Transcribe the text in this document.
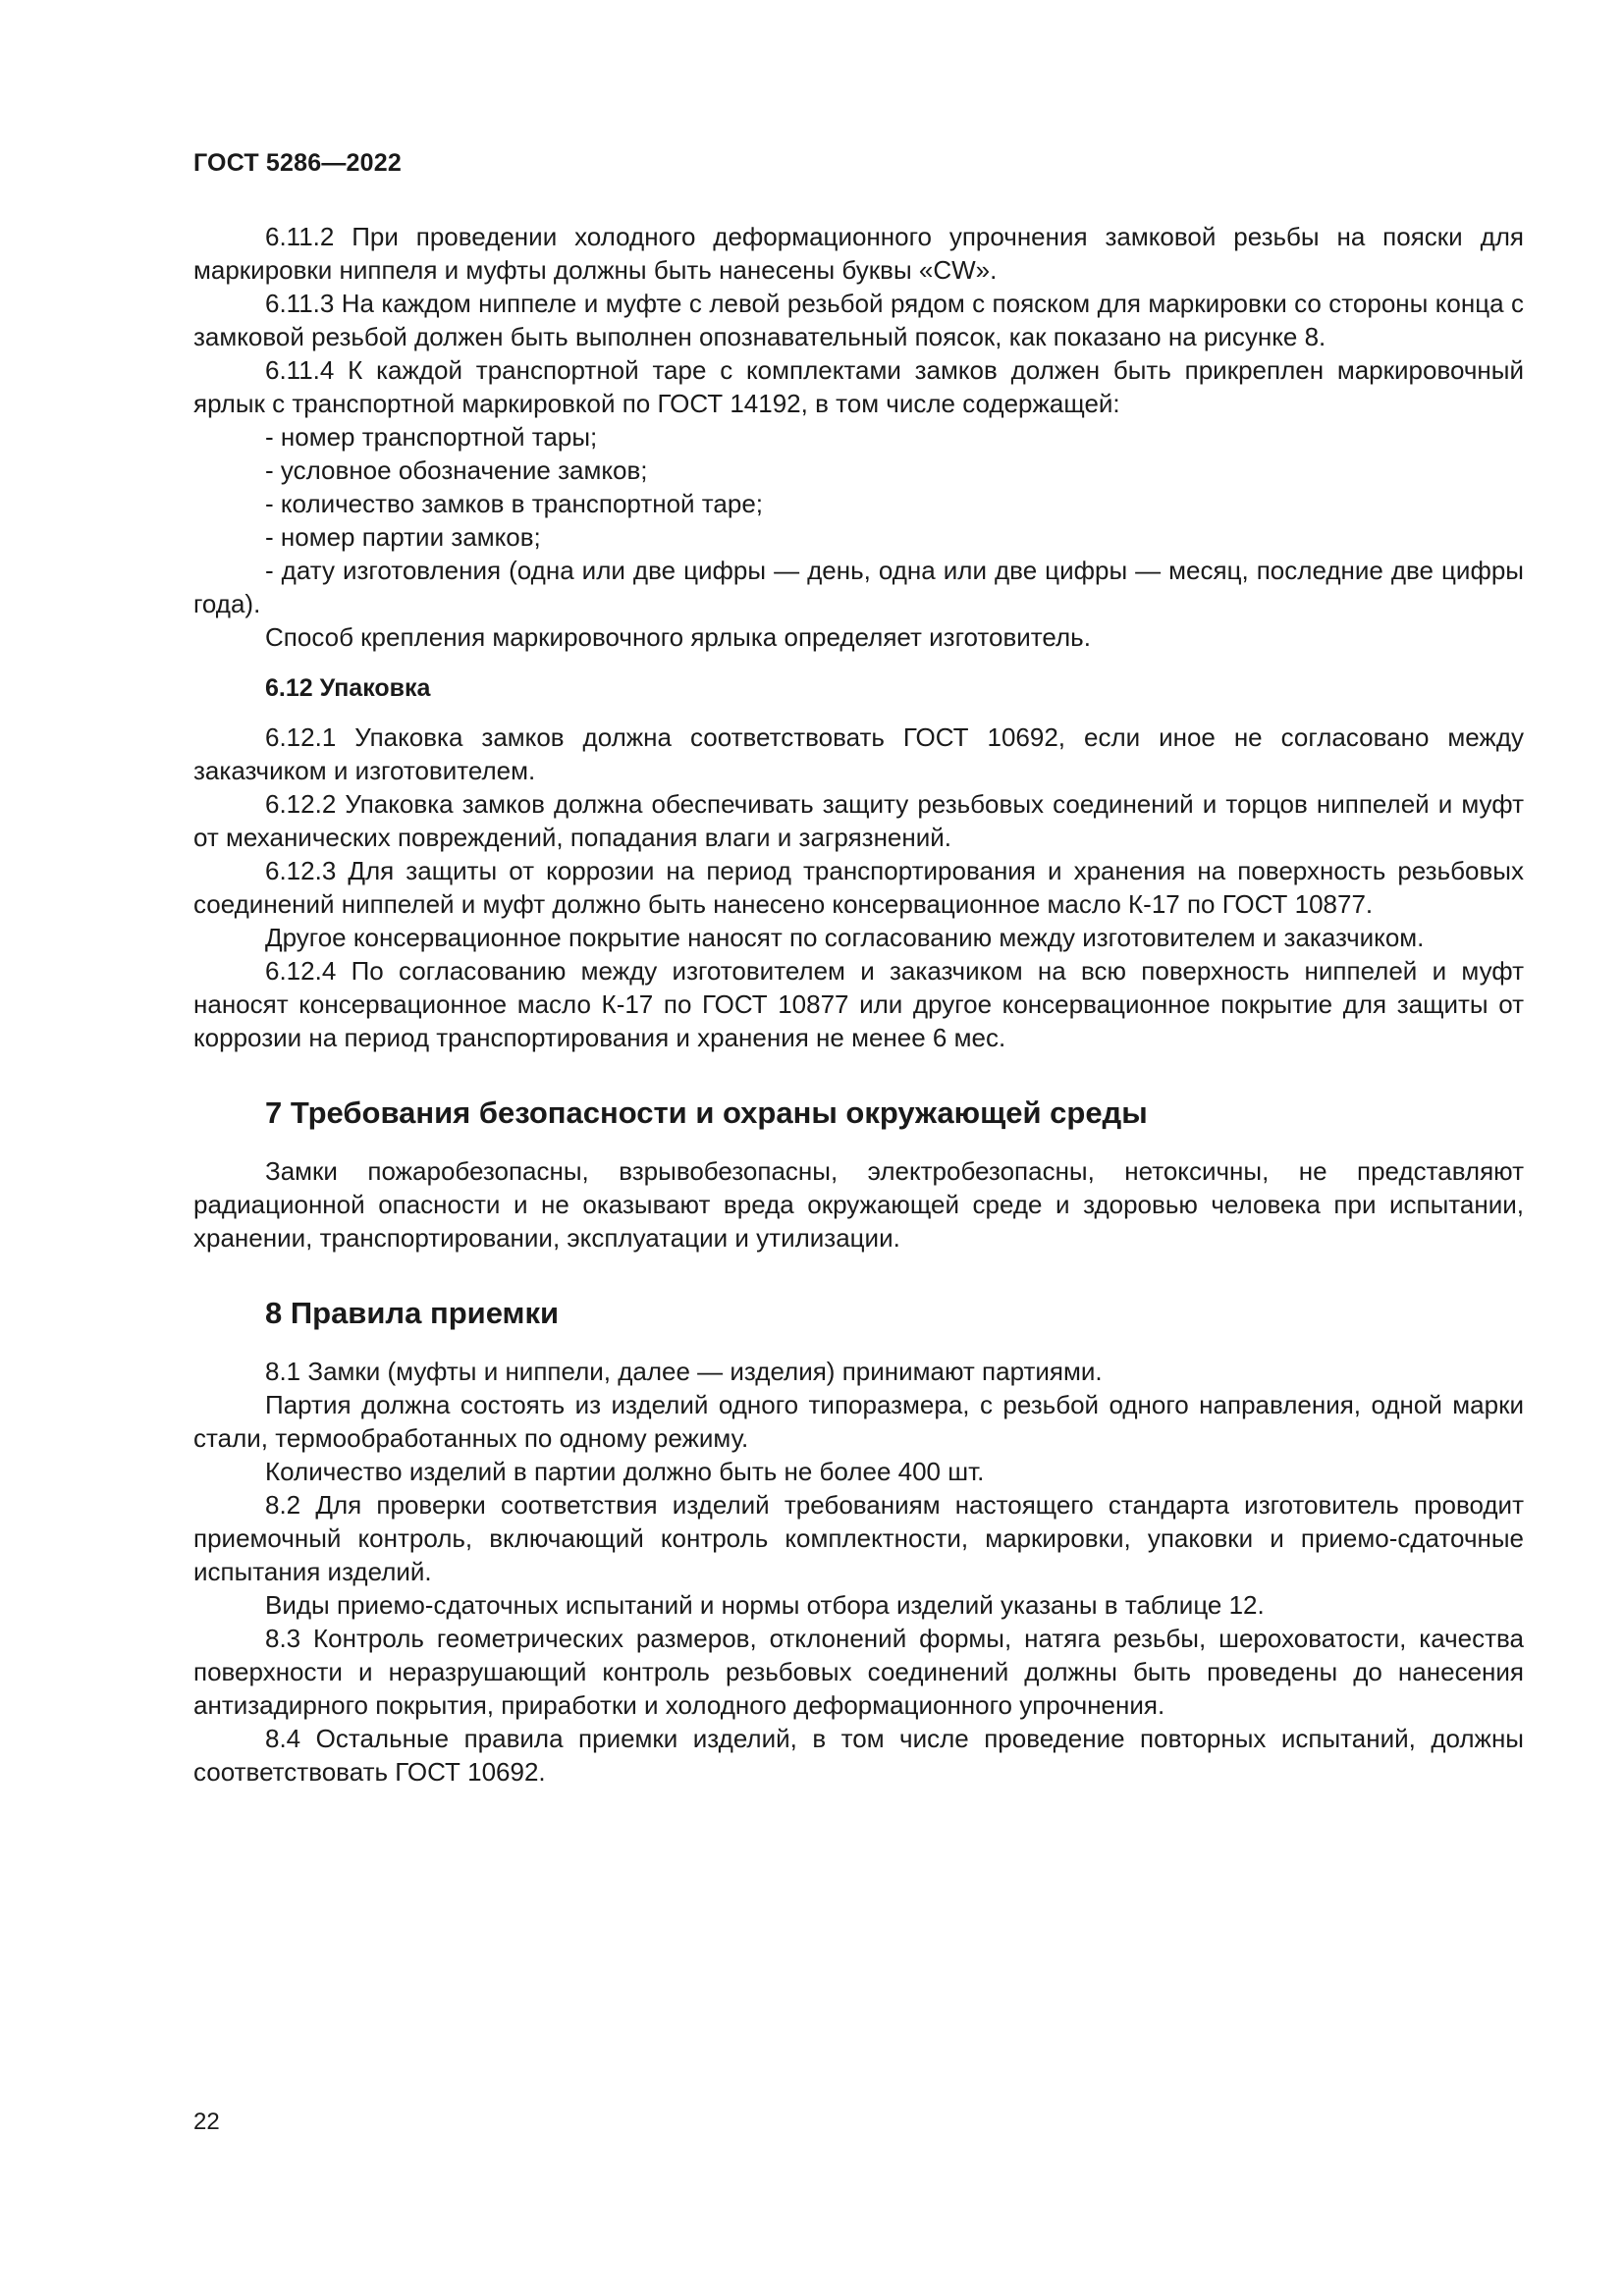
ГОСТ 5286—2022

6.11.2 При проведении холодного деформационного упрочнения замковой резьбы на пояски для маркировки ниппеля и муфты должны быть нанесены буквы «CW».

6.11.3 На каждом ниппеле и муфте с левой резьбой рядом с пояском для маркировки со стороны конца с замковой резьбой должен быть выполнен опознавательный поясок, как показано на рисунке 8.

6.11.4 К каждой транспортной таре с комплектами замков должен быть прикреплен маркировочный ярлык с транспортной маркировкой по ГОСТ 14192, в том числе содержащей:

- номер транспортной тары;

- условное обозначение замков;

- количество замков в транспортной таре;

- номер партии замков;

- дату изготовления (одна или две цифры — день, одна или две цифры — месяц, последние две цифры года).

Способ крепления маркировочного ярлыка определяет изготовитель.

6.12 Упаковка

6.12.1 Упаковка замков должна соответствовать ГОСТ 10692, если иное не согласовано между заказчиком и изготовителем.

6.12.2 Упаковка замков должна обеспечивать защиту резьбовых соединений и торцов ниппелей и муфт от механических повреждений, попадания влаги и загрязнений.

6.12.3 Для защиты от коррозии на период транспортирования и хранения на поверхность резьбовых соединений ниппелей и муфт должно быть нанесено консервационное масло К-17 по ГОСТ 10877.

Другое консервационное покрытие наносят по согласованию между изготовителем и заказчиком.

6.12.4 По согласованию между изготовителем и заказчиком на всю поверхность ниппелей и муфт наносят консервационное масло К-17 по ГОСТ 10877 или другое консервационное покрытие для защиты от коррозии на период транспортирования и хранения не менее 6 мес.

7 Требования безопасности и охраны окружающей среды

Замки пожаробезопасны, взрывобезопасны, электробезопасны, нетоксичны, не представляют радиационной опасности и не оказывают вреда окружающей среде и здоровью человека при испытании, хранении, транспортировании, эксплуатации и утилизации.

8 Правила приемки

8.1 Замки (муфты и ниппели, далее — изделия) принимают партиями.

Партия должна состоять из изделий одного типоразмера, с резьбой одного направления, одной марки стали, термообработанных по одному режиму.

Количество изделий в партии должно быть не более 400 шт.

8.2 Для проверки соответствия изделий требованиям настоящего стандарта изготовитель проводит приемочный контроль, включающий контроль комплектности, маркировки, упаковки и приемо-сдаточные испытания изделий.

Виды приемо-сдаточных испытаний и нормы отбора изделий указаны в таблице 12.

8.3 Контроль геометрических размеров, отклонений формы, натяга резьбы, шероховатости, качества поверхности и неразрушающий контроль резьбовых соединений должны быть проведены до нанесения антизадирного покрытия, приработки и холодного деформационного упрочнения.

8.4 Остальные правила приемки изделий, в том числе проведение повторных испытаний, должны соответствовать ГОСТ 10692.

22
